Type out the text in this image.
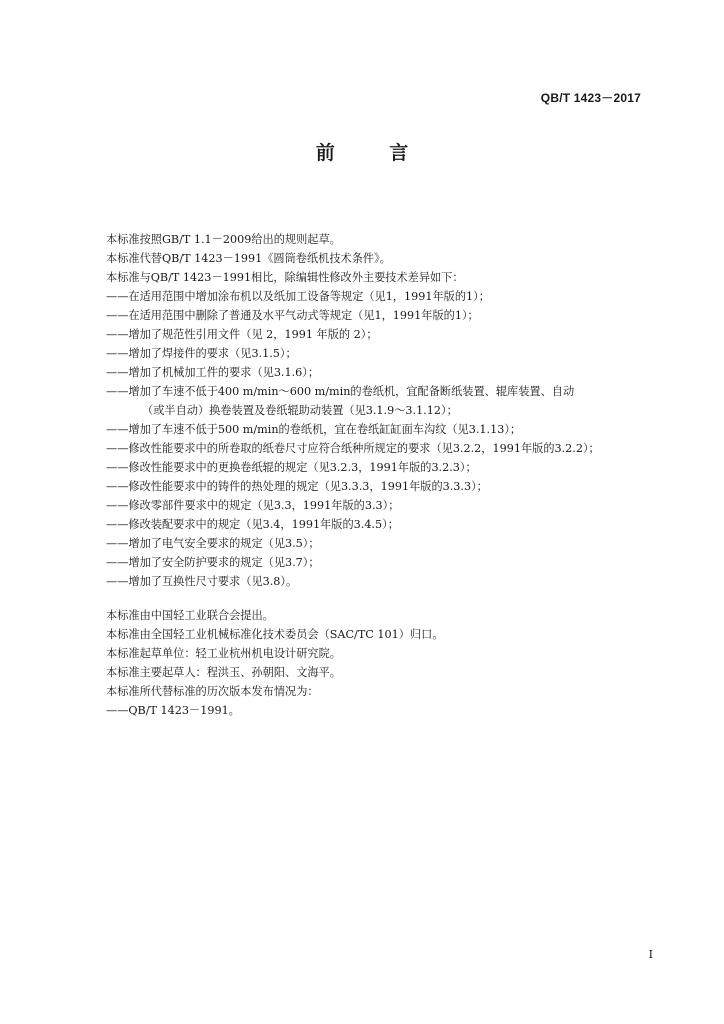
QB/T 1423－2017
前 言
本标准按照GB/T 1.1－2009给出的规则起草。
本标准代替QB/T 1423－1991《圆筒卷纸机技术条件》。
本标准与QB/T 1423－1991相比，除编辑性修改外主要技术差异如下：
——在适用范围中增加涂布机以及纸加工设备等规定（见1，1991年版的1）；
——在适用范围中删除了普通及水平气动式等规定（见1，1991年版的1）；
——增加了规范性引用文件（见 2，1991 年版的 2）；
——增加了焊接件的要求（见3.1.5）；
——增加了机械加工件的要求（见3.1.6）；
——增加了车速不低于400 m/min～600 m/min的卷纸机，宜配备断纸装置、辊库装置、自动
（或半自动）换卷装置及卷纸辊助动装置（见3.1.9～3.1.12）；
——增加了车速不低于500 m/min的卷纸机，宜在卷纸缸缸面车沟纹（见3.1.13）；
——修改性能要求中的所卷取的纸卷尺寸应符合纸种所规定的要求（见3.2.2，1991年版的3.2.2）；
——修改性能要求中的更换卷纸辊的规定（见3.2.3，1991年版的3.2.3）；
——修改性能要求中的铸件的热处理的规定（见3.3.3，1991年版的3.3.3）；
——修改零部件要求中的规定（见3.3，1991年版的3.3）；
——修改装配要求中的规定（见3.4，1991年版的3.4.5）；
——增加了电气安全要求的规定（见3.5）；
——增加了安全防护要求的规定（见3.7）；
——增加了互换性尺寸要求（见3.8）。
本标准由中国轻工业联合会提出。
本标准由全国轻工业机械标准化技术委员会（SAC/TC 101）归口。
本标准起草单位：轻工业杭州机电设计研究院。
本标准主要起草人：程洪玉、孙朝阳、文海平。
本标准所代替标准的历次版本发布情况为：
——QB/T 1423－1991。
I
